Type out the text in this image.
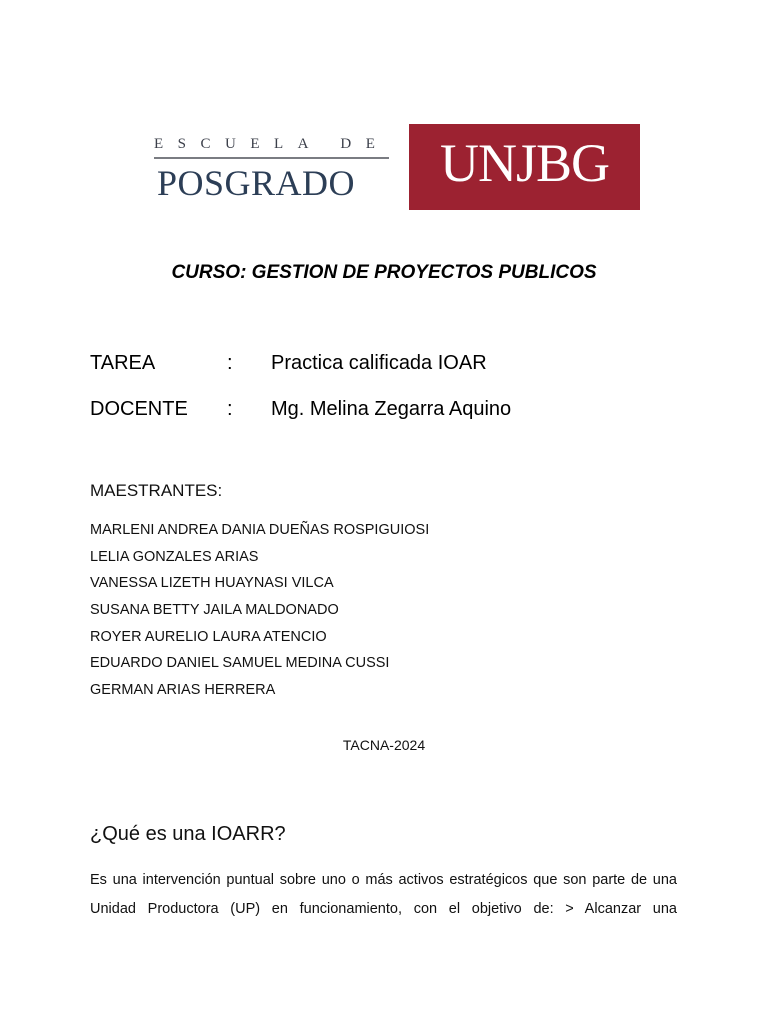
ESCUELA DE
POSGRADO UNJBG
CURSO: GESTION DE PROYECTOS PUBLICOS
TAREA	: Practica calificada IOAR
DOCENTE : Mg. Melina Zegarra Aquino
MAESTRANTES:
MARLENI ANDREA DANIA DUEÑAS ROSPIGUIOSI
LELIA GONZALES ARIAS
VANESSA LIZETH HUAYNASI VILCA
SUSANA BETTY JAILA MALDONADO
ROYER AURELIO LAURA ATENCIO
EDUARDO DANIEL SAMUEL MEDINA CUSSI
GERMAN ARIAS HERRERA
TACNA-2024
¿Qué es una IOARR?
Es una intervención puntual sobre uno o más activos estratégicos que son parte de una Unidad Productora (UP) en funcionamiento, con el objetivo de: > Alcanzar una
